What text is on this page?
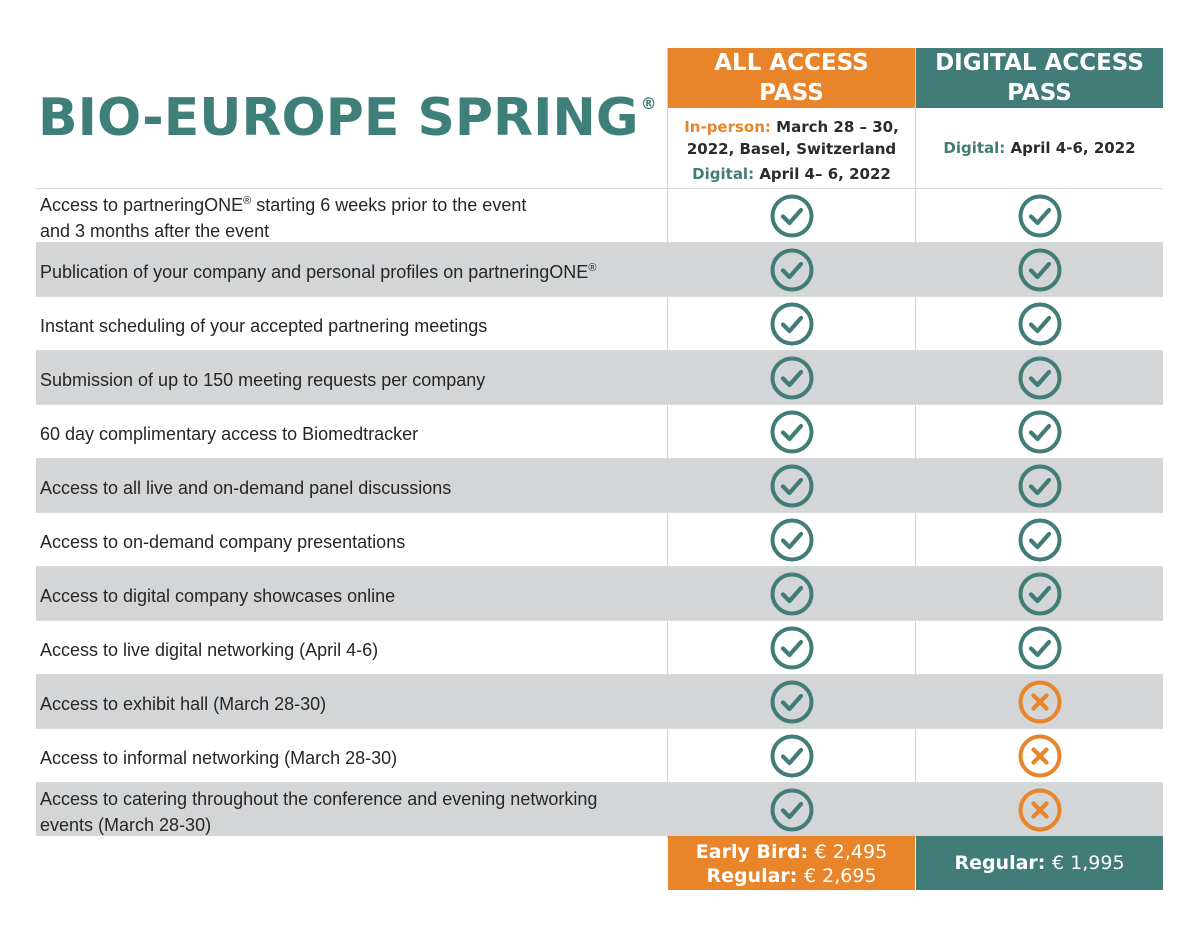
BIO-EUROPE SPRING ®
ALL ACCESS
PASS
DIGITAL ACCESS
PASS
In-person: March 28 – 30,
2022, Basel, Switzerland
Digital: April 4– 6, 2022
Digital: April 4-6, 2022
Access to partneringONE® starting 6 weeks prior to the event
and 3 months after the event
Publication of your company and personal profiles on partneringONE®
Instant scheduling of your accepted partnering meetings
Submission of up to 150 meeting requests per company
60 day complimentary access to Biomedtracker
Access to all live and on-demand panel discussions
Access to on-demand company presentations
Access to digital company showcases online
Access to live digital networking (April 4-6)
Access to exhibit hall (March 28-30)
Access to informal networking (March 28-30)
Access to catering throughout the conference and evening networking
events (March 28-30)
Early Bird: € 2,495
Regular: € 2,695
Regular: € 1,995
